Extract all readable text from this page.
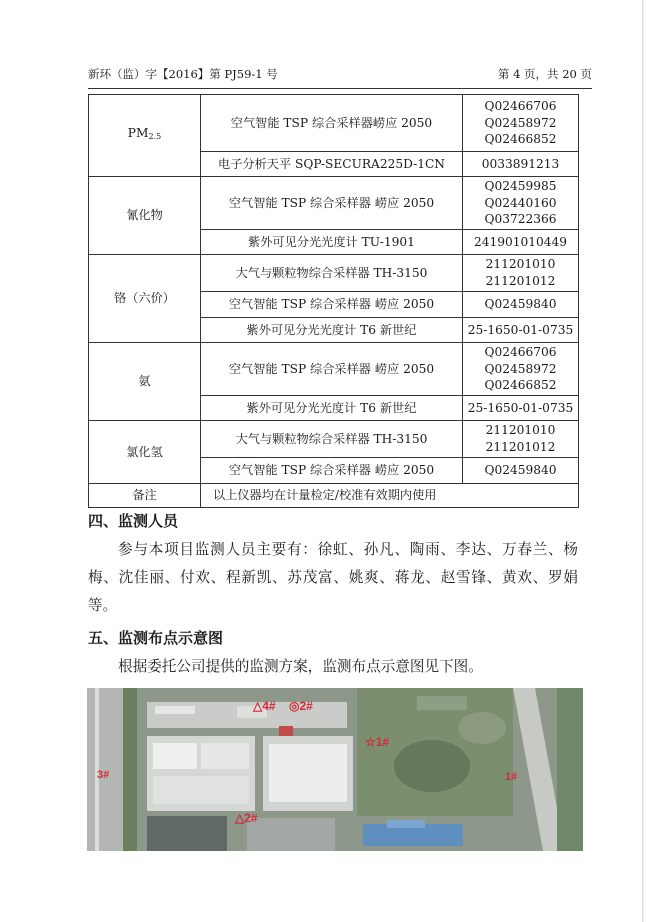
新环（监）字【2016】第 PJ59-1 号	第 4 页，共 20 页
$PM_{2.5}$	空气智能 TSP 综合采样器崂应 2050	Q02466706
Q02458972
Q02466852

	电子分析天平 SQP-SECURA225D-1CN	0033891213

氰化物	空气智能 TSP 综合采样器 崂应 2050	Q02459985
Q02440160
Q03722366

	紫外可见分光光度计 TU-1901	241901010449

铬（六价）	大气与颗粒物综合采样器 TH-3150	211201010
211201012

	空气智能 TSP 综合采样器 崂应 2050	Q02459840

	紫外可见分光光度计 T6 新世纪	25-1650-01-0735

氨	空气智能 TSP 综合采样器 崂应 2050	Q02466706
Q02458972
Q02466852

	紫外可见分光光度计 T6 新世纪	25-1650-01-0735

氯化氢	大气与颗粒物综合采样器 TH-3150	211201010
211201012

	空气智能 TSP 综合采样器 崂应 2050	Q02459840

备注	以上仪器均在计量检定/校准有效期内使用	
四、监测人员
参与本项目监测人员主要有：徐虹、孙凡、陶雨、李达、万春兰、杨梅、沈佳丽、付欢、程新凯、苏茂富、姚爽、蒋龙、赵雪锋、黄欢、罗娟等。
五、监测布点示意图
根据委托公司提供的监测方案，监测布点示意图见下图。
△4# ◎2#
☆1#
3#	1#
△2#
